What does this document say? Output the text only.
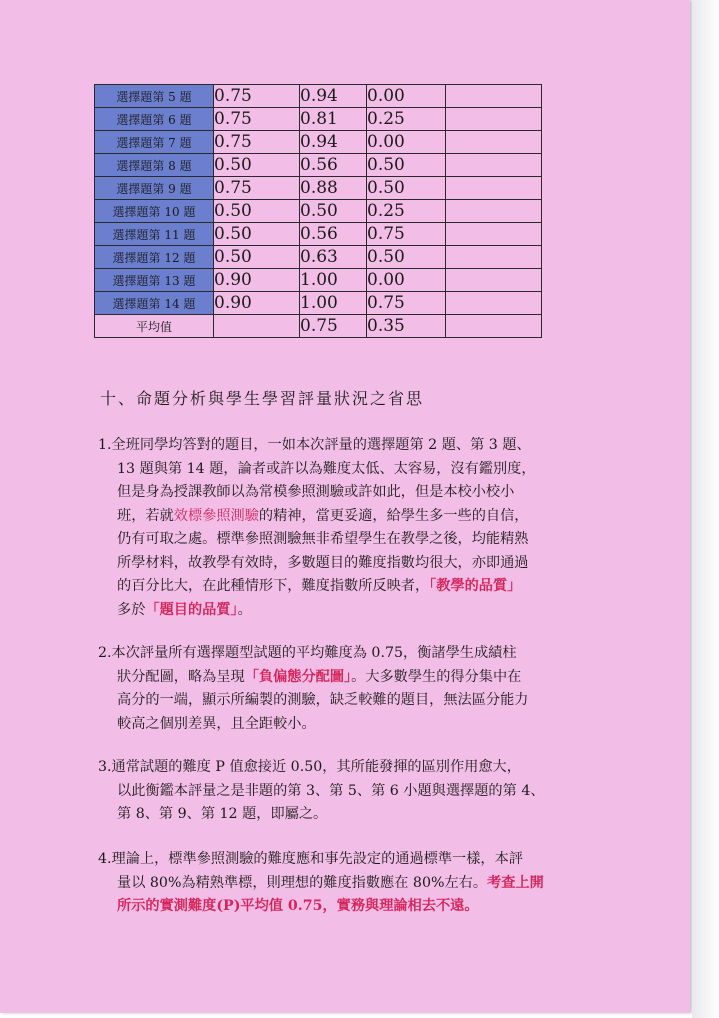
選擇題第 5 題	0.75	0.94	0.00	
選擇題第 6 題	0.75	0.81	0.25	
選擇題第 7 題	0.75	0.94	0.00	
選擇題第 8 題	0.50	0.56	0.50	
選擇題第 9 題	0.75	0.88	0.50	
選擇題第 10 題	0.50	0.50	0.25	
選擇題第 11 題	0.50	0.56	0.75	
選擇題第 12 題	0.50	0.63	0.50	
選擇題第 13 題	0.90	1.00	0.00	
選擇題第 14 題	0.90	1.00	0.75	
平均值		0.75	0.35	
十、命題分析與學生學習評量狀況之省思
1.全班同學均答對的題目，一如本次評量的選擇題第 2 題、第 3 題、
13 題與第 14 題，論者或許以為難度太低、太容易，沒有鑑別度，
但是身為授課教師以為常模參照測驗或許如此，但是本校小校小
班，若就效標參照測驗的精神，當更妥適，給學生多一些的自信，
仍有可取之處。標準參照測驗無非希望學生在教學之後，均能精熟
所學材料，故教學有效時，多數題目的難度指數均很大，亦即通過
的百分比大，在此種情形下，難度指數所反映者，「教學的品質」
多於「題目的品質」。
2.本次評量所有選擇題型試題的平均難度為 0.75，衡諸學生成績柱
狀分配圖，略為呈現「負偏態分配圖」。大多數學生的得分集中在
高分的一端，顯示所編製的測驗，缺乏較難的題目，無法區分能力
較高之個別差異，且全距較小。
3.通常試題的難度 P 值愈接近 0.50，其所能發揮的區別作用愈大，
以此衡鑑本評量之是非題的第 3、第 5、第 6 小題與選擇題的第 4、
第 8、第 9、第 12 題，即屬之。
4.理論上，標準參照測驗的難度應和事先設定的通過標準一樣，本評
量以 80%為精熟準標，則理想的難度指數應在 80%左右。考查上開
所示的實測難度(P)平均值 0.75，實務與理論相去不遠。
